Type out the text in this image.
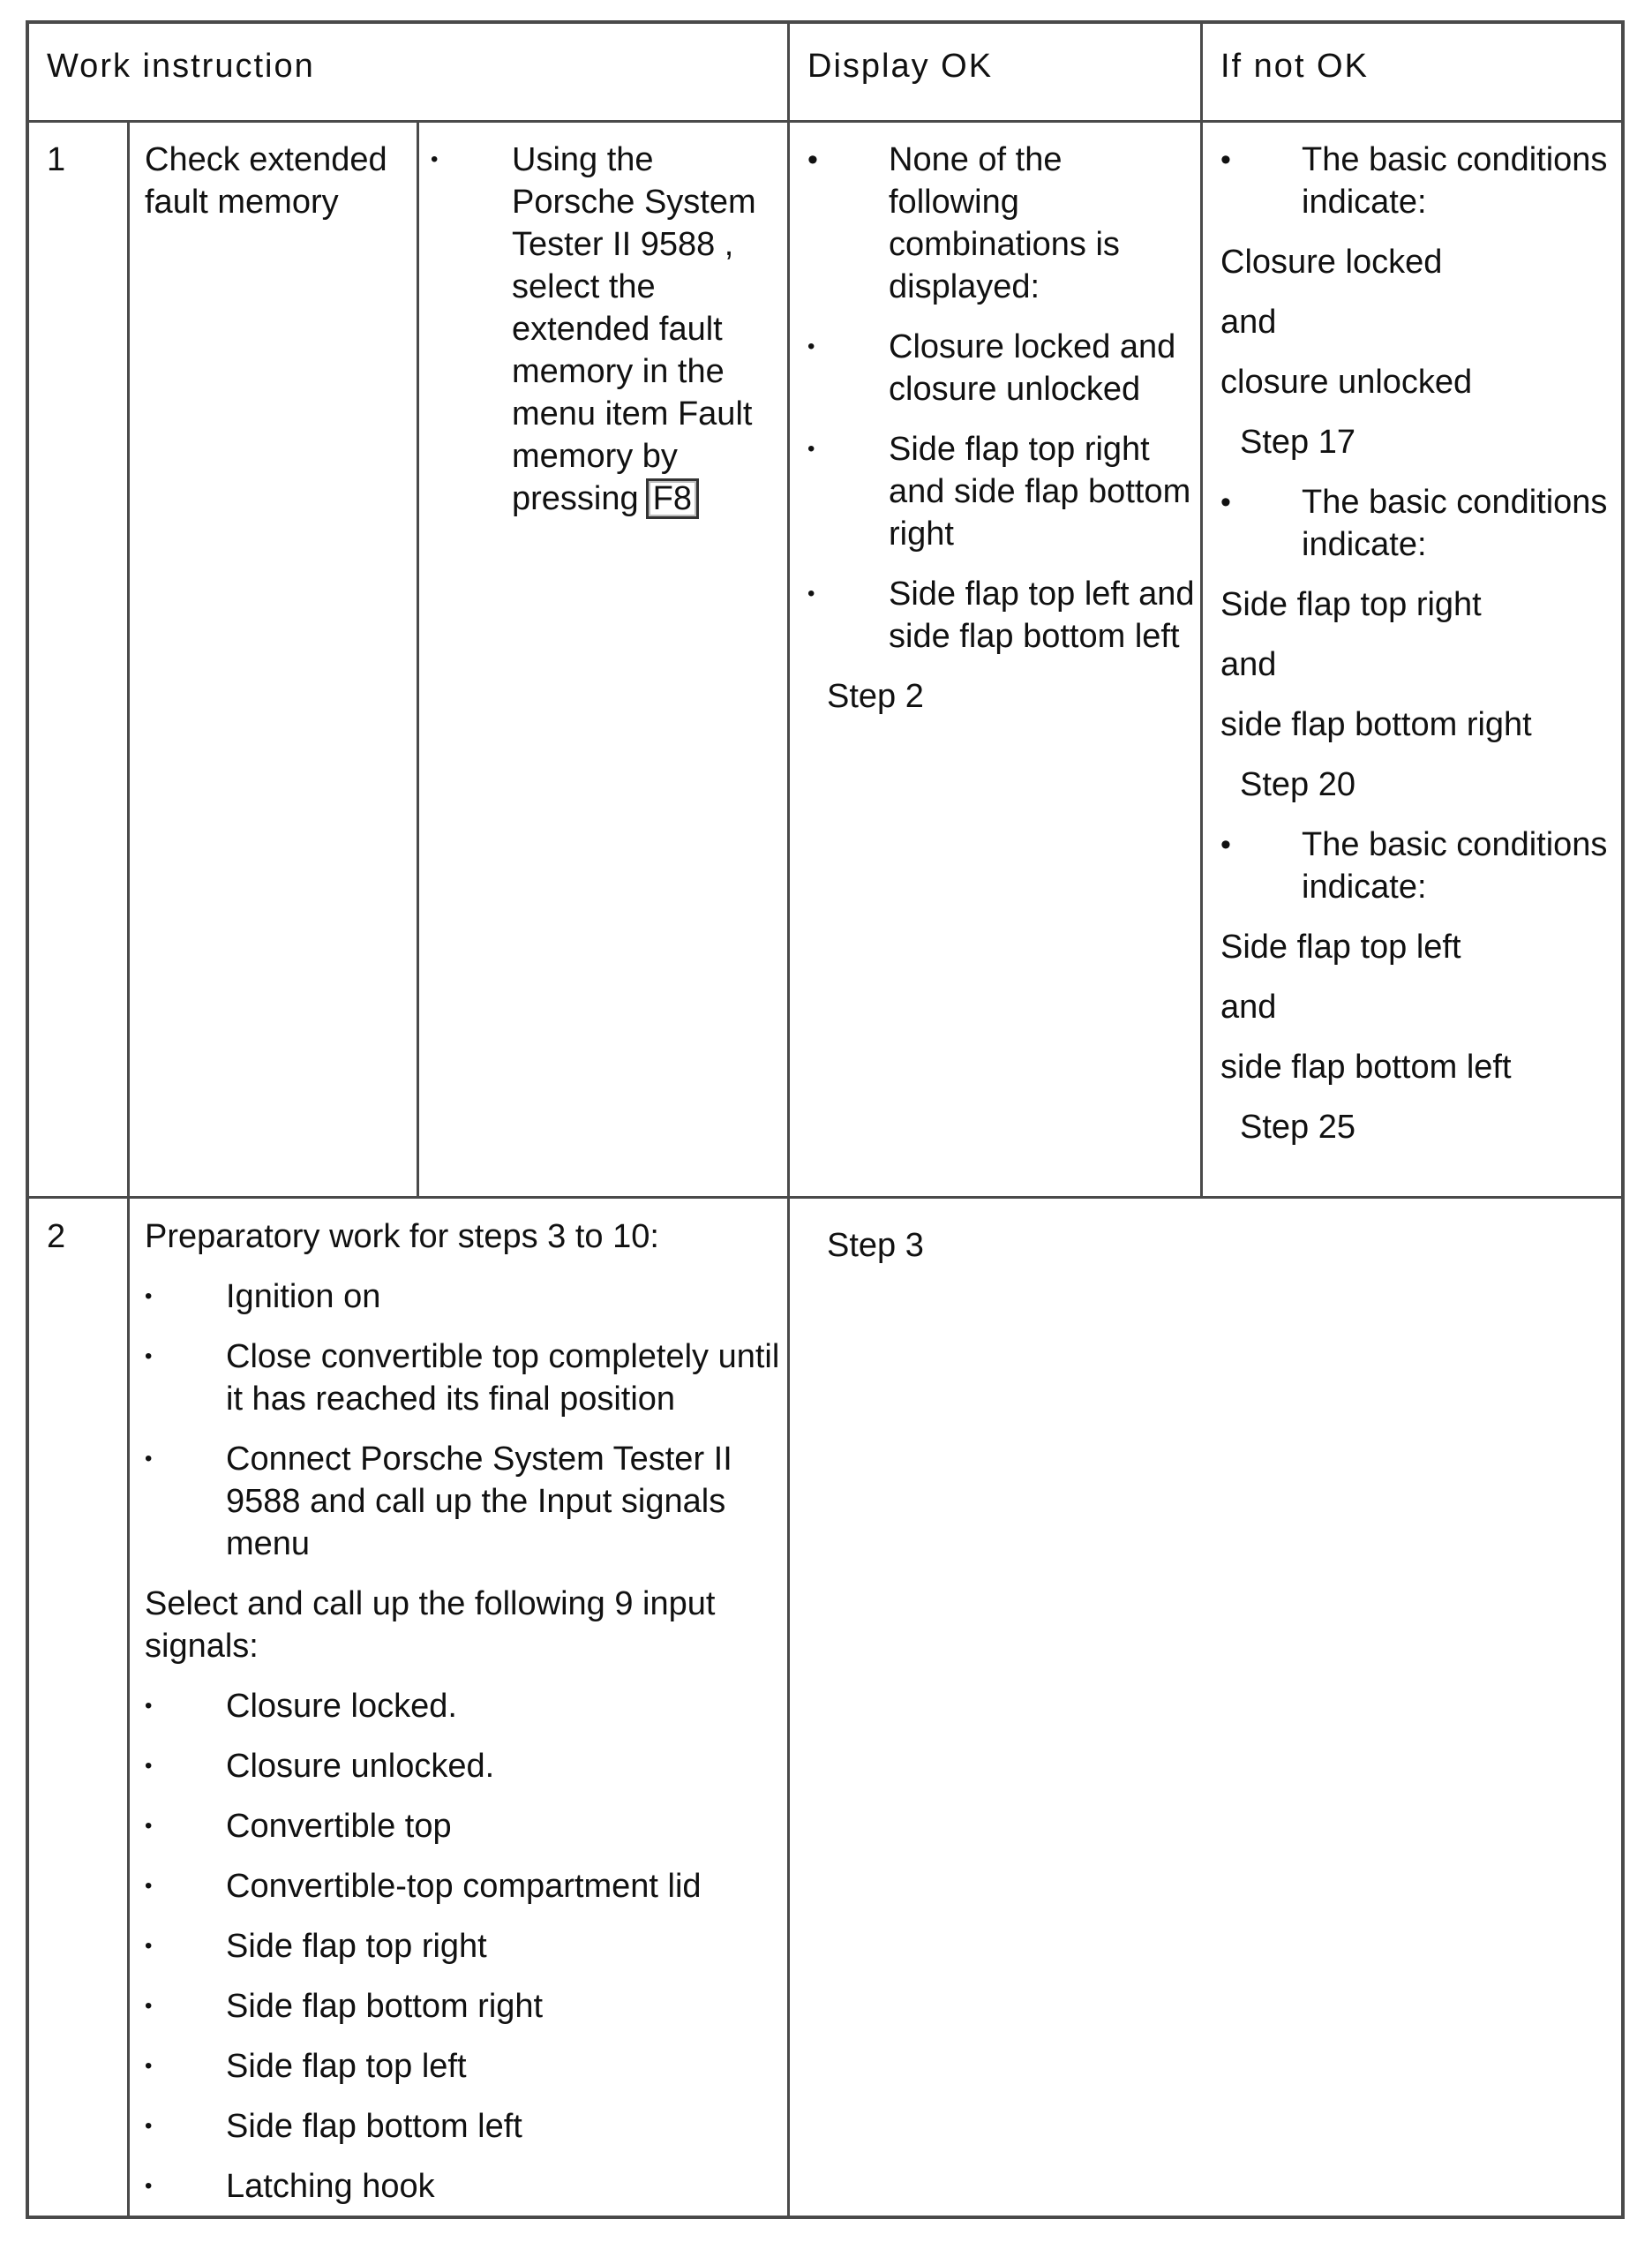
Work instruction	Display OK	If not OK
1 Check extended fault memory
• Using the Porsche System Tester II 9588 , select the extended fault memory in the menu item Fault memory by pressing F8
• None of the following combinations is displayed:
• Closure locked and closure unlocked
• Side flap top right and side flap bottom right
• Side flap top left and side flap bottom left

Step 2

• The basic conditions indicate:

Closure locked

and

closure unlocked

Step 17

• The basic conditions indicate:

Side flap top right

and

side flap bottom right

Step 20

• The basic conditions indicate:

Side flap top left

and

side flap bottom left

Step 25

2 Preparatory work for steps 3 to 10:

• Ignition on
• Close convertible top completely until it has reached its final position
• Connect Porsche System Tester II 9588 and call up the Input signals menu

Select and call up the following 9 input signals:

• Closure locked.
• Closure unlocked.
• Convertible top
• Convertible-top compartment lid
• Side flap top right
• Side flap bottom right
• Side flap top left
• Side flap bottom left
• Latching hook
Step 3
